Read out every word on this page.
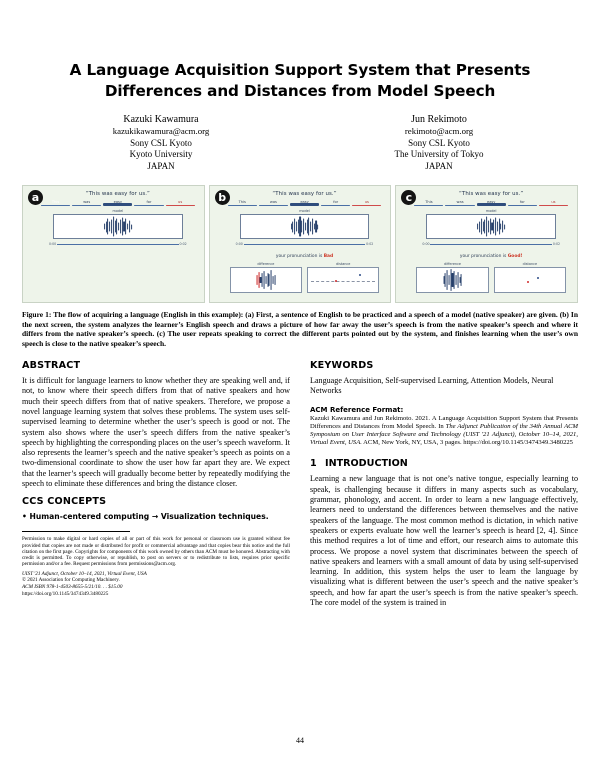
A Language Acquisition Support System that Presents Differences and Distances from Model Speech
Kazuki Kawamura
kazukikawamura@acm.org
Sony CSL Kyoto
Kyoto University
JAPAN
Jun Rekimoto
rekimoto@acm.org
Sony CSL Kyoto
The University of Tokyo
JAPAN
a	“This was easy for us.”
This	was	easy	for	us
model
0:00	0:02
b	“This was easy for us.”
This	was	easy	for	us
model
0:00	0:02
your pronunciation is Bad
difference	distance
c	“This was easy for us.”
This	was	easy	for	us
model
0:00	0:02
your pronunciation is Good!
difference	distance
Figure 1: The flow of acquiring a language (English in this example): (a) First, a sentence of English to be practiced and a speech of a model (native speaker) are given. (b) In the next screen, the system analyzes the learner’s English speech and draws a picture of how far away the user’s speech is from the native speaker’s speech and where it differs from the native speaker’s speech. (c) The user repeats speaking to correct the different parts pointed out by the system, and finishes learning when the user’s own speech is close to the native speaker’s speech.
ABSTRACT

It is difficult for language learners to know whether they are speaking well and, if not, to know where their speech differs from that of native speakers and how much their speech differs from that of native speakers. Therefore, we propose a novel language learning system that solves these problems. The system uses self-supervised learning to determine whether the user’s speech is good or not. The system also shows where the user’s speech differs from the native speaker’s speech by highlighting the corresponding places on the user’s speech waveform. It also represents the learner’s speech and the native speaker’s speech as points on a two-dimensional coordinate to show the user how far apart they are. We expect that the learner’s speech will gradually become better by repeatedly modifying the speech to eliminate these differences and bring the distance closer.

CCS CONCEPTS

• Human-centered computing → Visualization techniques.

Permission to make digital or hard copies of all or part of this work for personal or classroom use is granted without fee provided that copies are not made or distributed for profit or commercial advantage and that copies bear this notice and the full citation on the first page. Copyrights for components of this work owned by others than ACM must be honored. Abstracting with credit is permitted. To copy otherwise, or republish, to post on servers or to redistribute to lists, requires prior specific permission and/or a fee. Request permissions from permissions@acm.org.

UIST '21 Adjunct, October 10–14, 2021, Virtual Event, USA
© 2021 Association for Computing Machinery.
ACM ISBN 978-1-4503-8655-5/21/10. . . $15.00
https://doi.org/10.1145/3474349.3480225

KEYWORDS

Language Acquisition, Self-supervised Learning, Attention Models, Neural Networks

ACM Reference Format:

Kazuki Kawamura and Jun Rekimoto. 2021. A Language Acquisition Support System that Presents Differences and Distances from Model Speech. In The Adjunct Publication of the 34th Annual ACM Symposium on User Interface Software and Technology (UIST '21 Adjunct), October 10–14, 2021, Virtual Event, USA. ACM, New York, NY, USA, 3 pages. https://doi.org/10.1145/3474349.3480225

1 INTRODUCTION

Learning a new language that is not one’s native tongue, especially learning to speak, is challenging because it differs in many aspects such as vocabulary, grammar, phonology, and accent. In order to learn a new language effectively, learners need to understand the differences between themselves and the native speakers of the language. The most common method is dictation, in which native speakers or experts evaluate how well the learner’s speech is heard [2, 4]. Since this method requires a lot of time and effort, our research aims to automate this process. We propose a novel system that discriminates between the speech of native speakers and learners with a small amount of data by using self-supervised learning. In addition, this system helps the user to learn the language by visualizing what is different between the user’s speech and the native speaker’s speech, and how far apart the user’s speech is from the native speaker’s speech. The core model of the system is trained in

44
